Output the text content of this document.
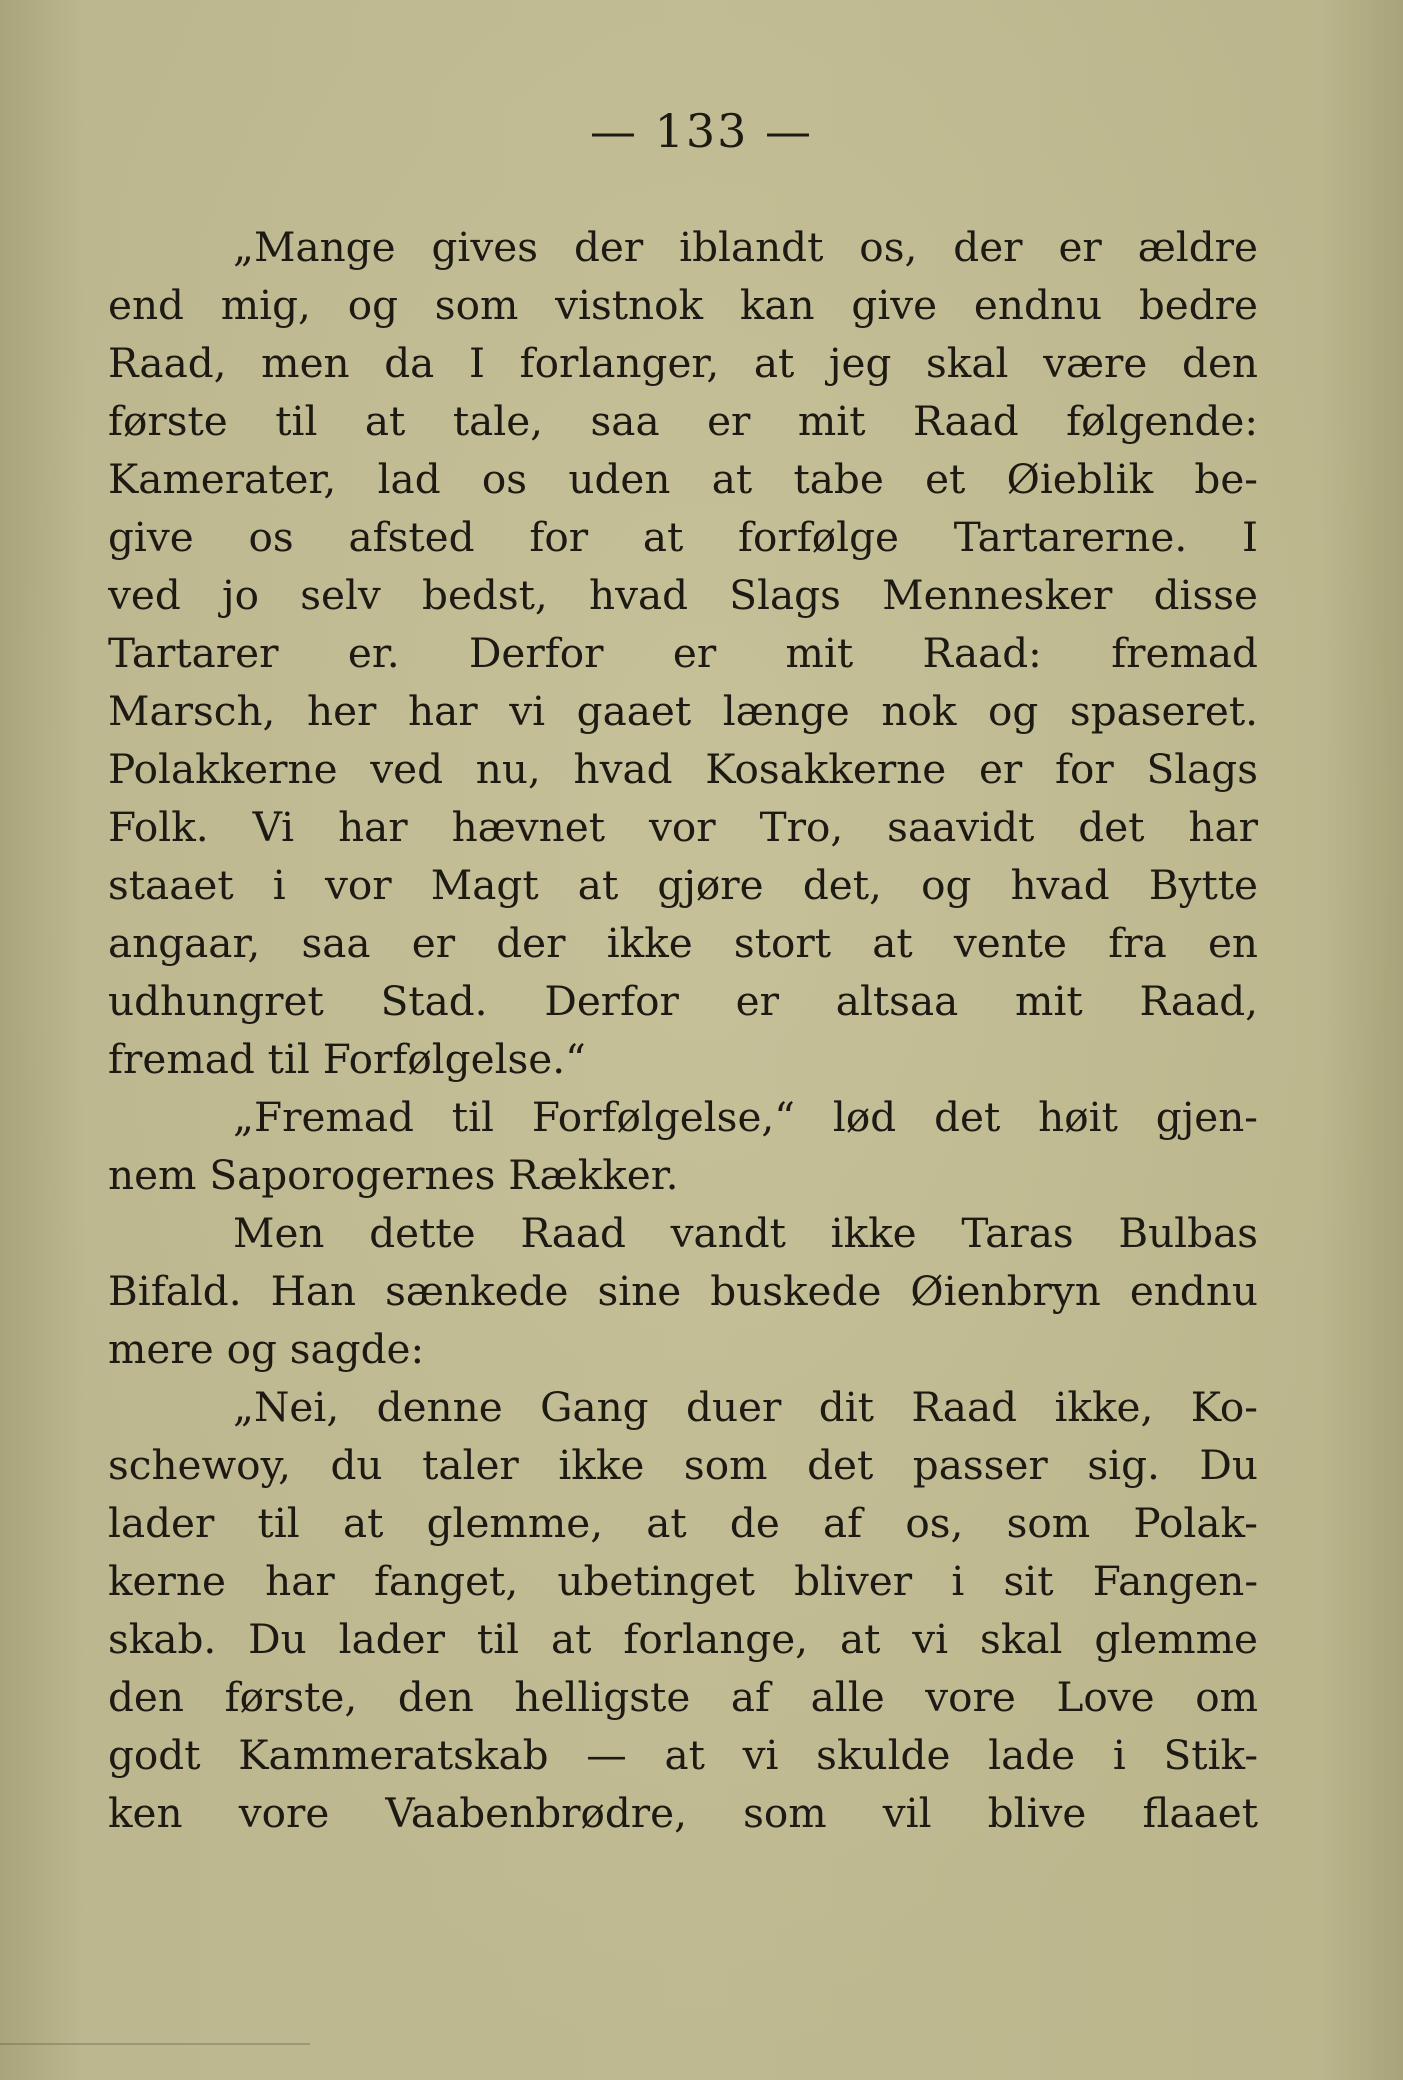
— 133 —
„Mange gives der iblandt os, der er ældre
end mig, og som vistnok kan give endnu bedre
Raad, men da I forlanger, at jeg skal være den
første til at tale, saa er mit Raad følgende:
Kamerater, lad os uden at tabe et Øieblik be-
give os afsted for at forfølge Tartarerne. I
ved jo selv bedst, hvad Slags Mennesker disse
Tartarer er. Derfor er mit Raad: fremad
Marsch, her har vi gaaet længe nok og spaseret.
Polakkerne ved nu, hvad Kosakkerne er for Slags
Folk. Vi har hævnet vor Tro, saavidt det har
staaet i vor Magt at gjøre det, og hvad Bytte
angaar, saa er der ikke stort at vente fra en
udhungret Stad. Derfor er altsaa mit Raad,
fremad til Forfølgelse.“
„Fremad til Forfølgelse,“ lød det høit gjen-
nem Saporogernes Rækker.
Men dette Raad vandt ikke Taras Bulbas
Bifald. Han sænkede sine buskede Øienbryn endnu
mere og sagde:
„Nei, denne Gang duer dit Raad ikke, Ko-
schewoy, du taler ikke som det passer sig. Du
lader til at glemme, at de af os, som Polak-
kerne har fanget, ubetinget bliver i sit Fangen-
skab. Du lader til at forlange, at vi skal glemme
den første, den helligste af alle vore Love om
godt Kammeratskab — at vi skulde lade i Stik-
ken vore Vaabenbrødre, som vil blive flaaet
